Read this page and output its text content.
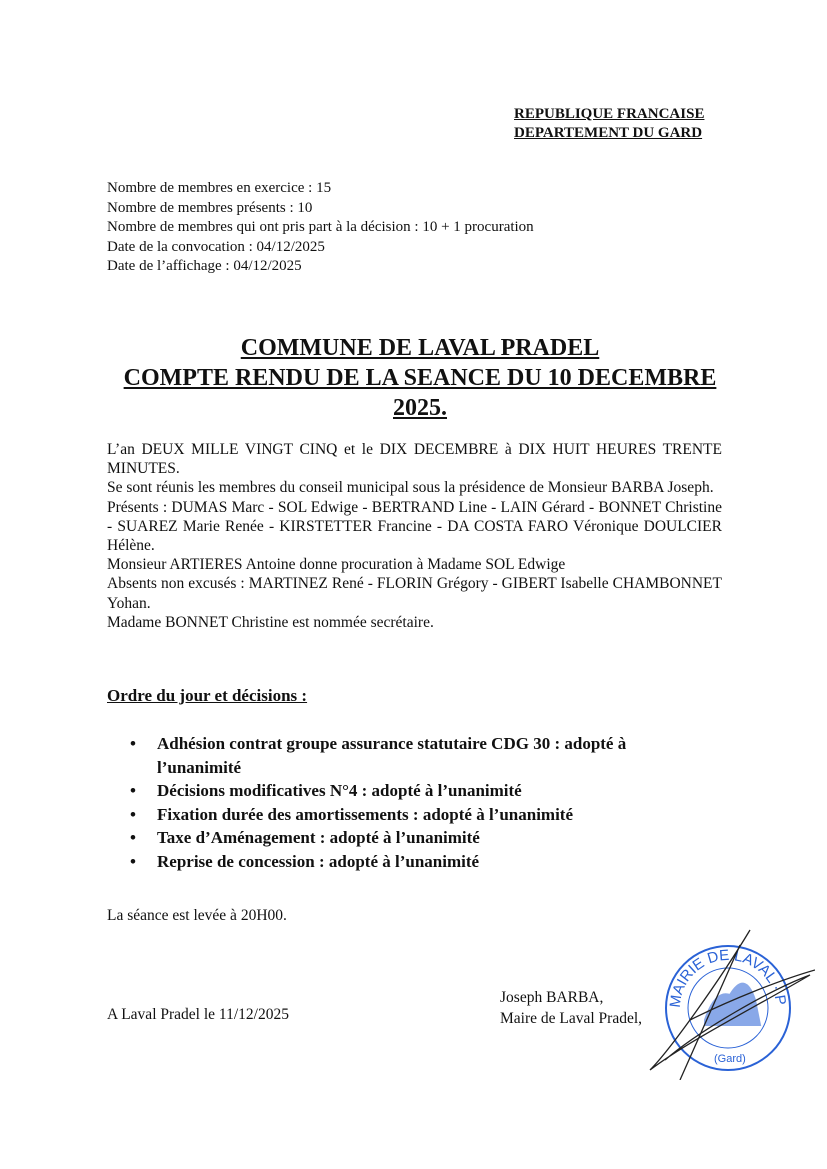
REPUBLIQUE FRANCAISE
DEPARTEMENT DU GARD
Nombre de membres en exercice : 15
Nombre de membres présents : 10
Nombre de membres qui ont pris part à la décision : 10 + 1 procuration
Date de la convocation : 04/12/2025
Date de l’affichage : 04/12/2025
COMMUNE DE LAVAL PRADEL
COMPTE RENDU DE LA SEANCE DU 10 DECEMBRE
2025.

L’an DEUX MILLE VINGT CINQ et le DIX DECEMBRE à DIX HUIT HEURES TRENTE MINUTES.

Se sont réunis les membres du conseil municipal sous la présidence de Monsieur BARBA Joseph.

Présents : DUMAS Marc - SOL Edwige - BERTRAND Line - LAIN Gérard - BONNET Christine - SUAREZ Marie Renée - KIRSTETTER Francine - DA COSTA FARO Véronique DOULCIER Hélène.

Monsieur ARTIERES Antoine donne procuration à Madame SOL Edwige

Absents non excusés : MARTINEZ René - FLORIN Grégory - GIBERT Isabelle CHAMBONNET Yohan.

Madame BONNET Christine est nommée secrétaire.

Ordre du jour et décisions :
• Adhésion contrat groupe assurance statutaire CDG 30 : adopté à l’unanimité
• Décisions modificatives N°4 : adopté à l’unanimité
• Fixation durée des amortissements : adopté à l’unanimité
• Taxe d’Aménagement : adopté à l’unanimité
• Reprise de concession : adopté à l’unanimité
La séance est levée à 20H00.
A Laval Pradel le 11/12/2025
Joseph BARBA,
Maire de Laval Pradel,
MAIRIE DE LAVAL · P
(Gard)
